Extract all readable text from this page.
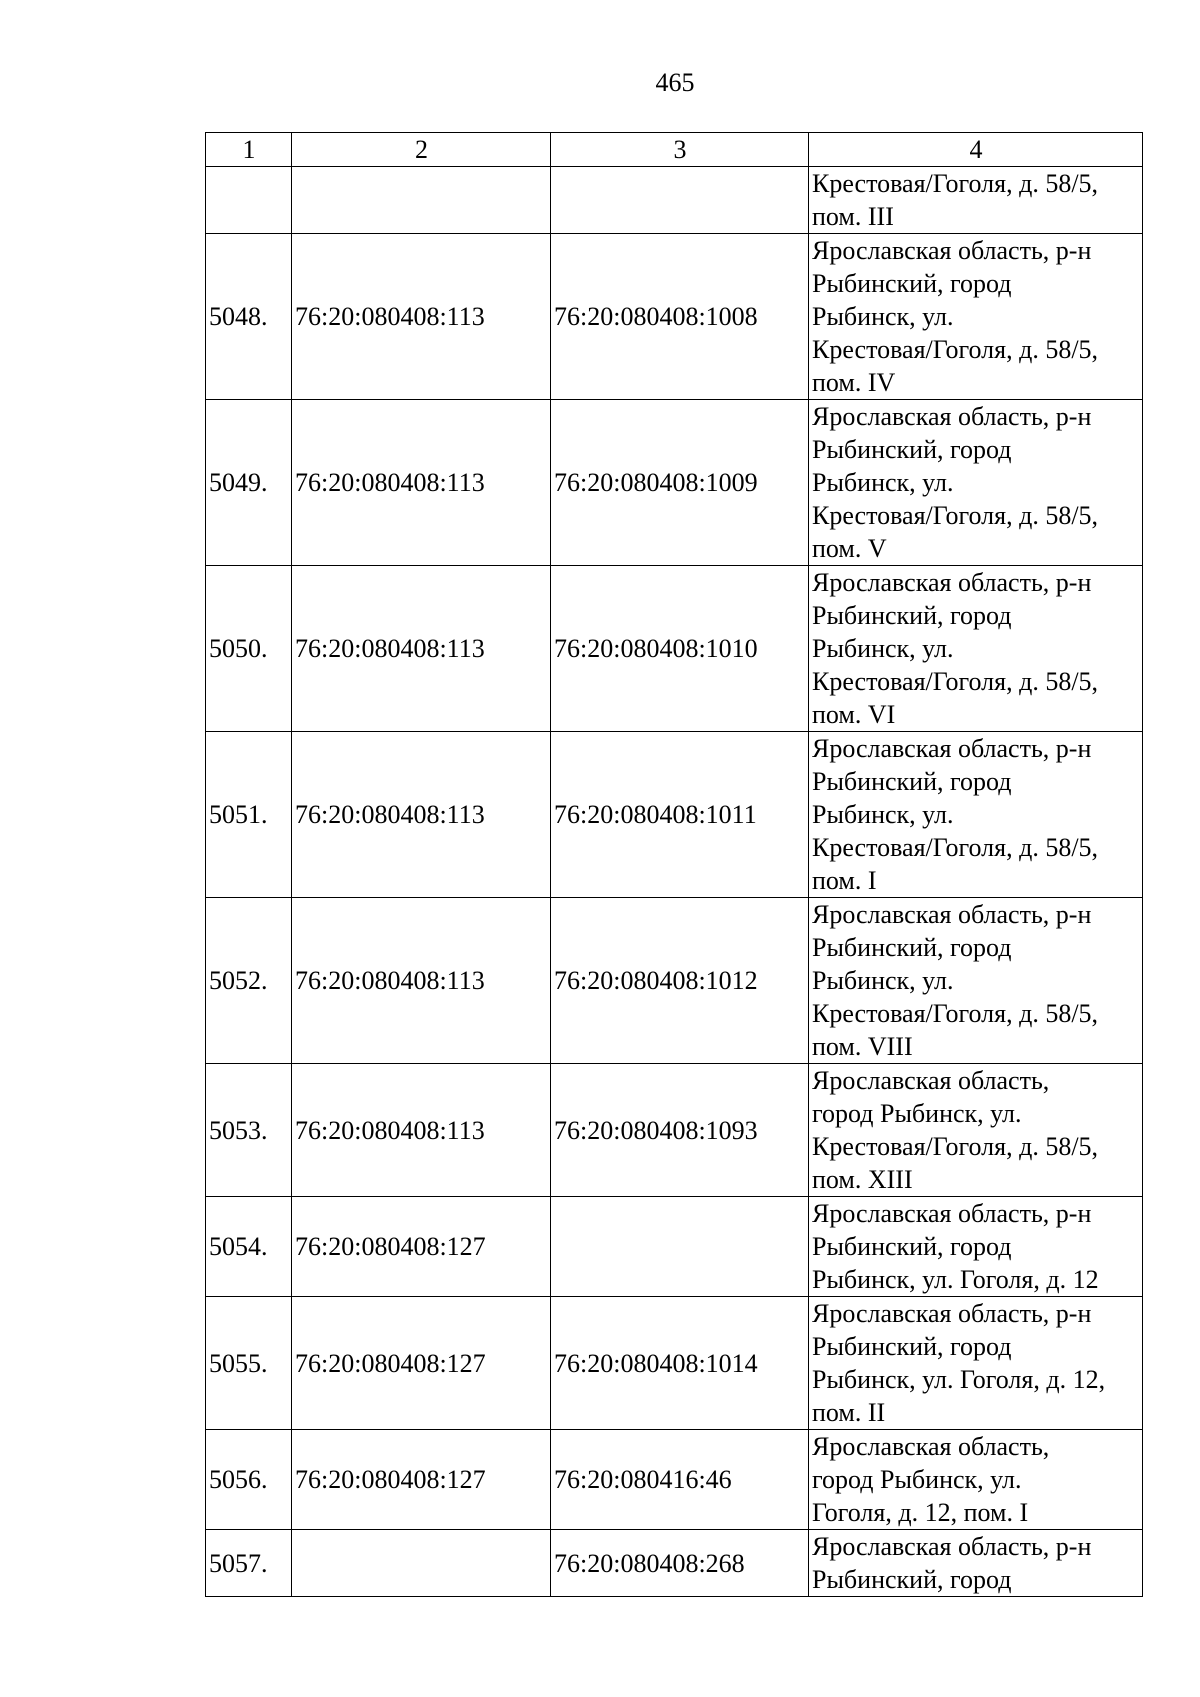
465
1	2	3	4
			Крестовая/Гоголя, д. 58/5,
пом. III
5048.	76:20:080408:113	76:20:080408:1008	Ярославская область, р-н
Рыбинский, город
Рыбинск, ул.
Крестовая/Гоголя, д. 58/5,
пом. IV
5049.	76:20:080408:113	76:20:080408:1009	Ярославская область, р-н
Рыбинский, город
Рыбинск, ул.
Крестовая/Гоголя, д. 58/5,
пом. V
5050.	76:20:080408:113	76:20:080408:1010	Ярославская область, р-н
Рыбинский, город
Рыбинск, ул.
Крестовая/Гоголя, д. 58/5,
пом. VI
5051.	76:20:080408:113	76:20:080408:1011	Ярославская область, р-н
Рыбинский, город
Рыбинск, ул.
Крестовая/Гоголя, д. 58/5,
пом. I
5052.	76:20:080408:113	76:20:080408:1012	Ярославская область, р-н
Рыбинский, город
Рыбинск, ул.
Крестовая/Гоголя, д. 58/5,
пом. VIII
5053.	76:20:080408:113	76:20:080408:1093	Ярославская область,
город Рыбинск, ул.
Крестовая/Гоголя, д. 58/5,
пом. XIII
5054.	76:20:080408:127		Ярославская область, р-н
Рыбинский, город
Рыбинск, ул. Гоголя, д. 12
5055.	76:20:080408:127	76:20:080408:1014	Ярославская область, р-н
Рыбинский, город
Рыбинск, ул. Гоголя, д. 12,
пом. II
5056.	76:20:080408:127	76:20:080416:46	Ярославская область,
город Рыбинск, ул.
Гоголя, д. 12, пом. I
5057.		76:20:080408:268	Ярославская область, р-н
Рыбинский, город
